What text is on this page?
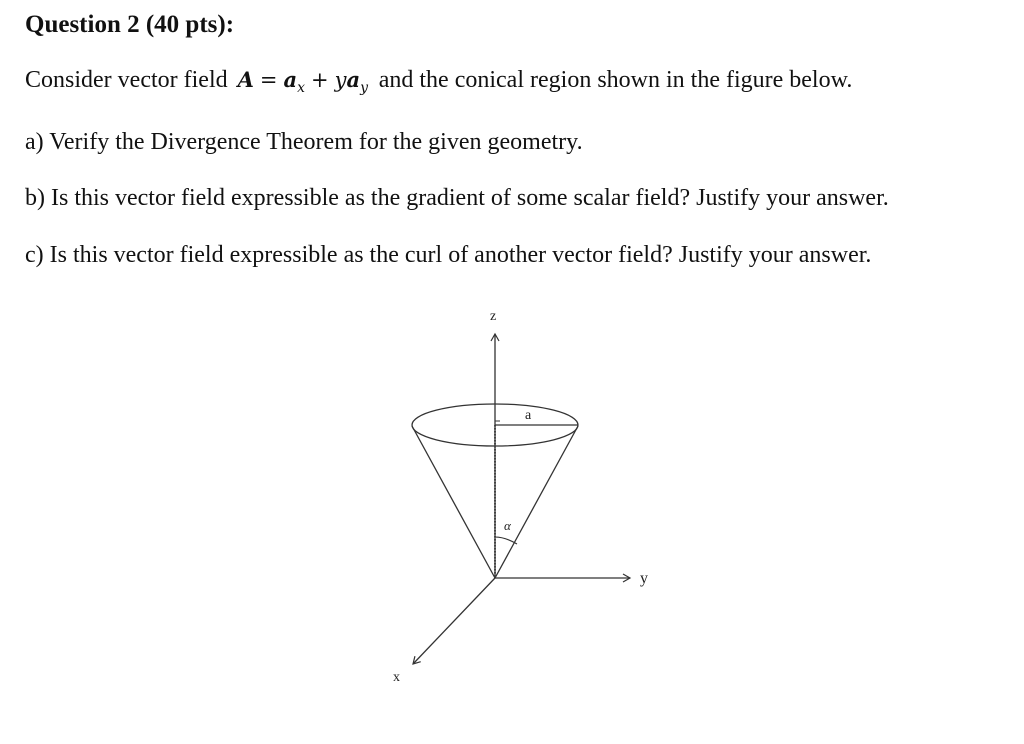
Question 2 (40 pts):
Consider vector field $A = a_x + ya_y$ and the conical region shown in the figure below.
a) Verify the Divergence Theorem for the given geometry.
b) Is this vector field expressible as the gradient of some scalar field? Justify your answer.
c) Is this vector field expressible as the curl of another vector field? Justify your answer.
z
y
x
a
α
